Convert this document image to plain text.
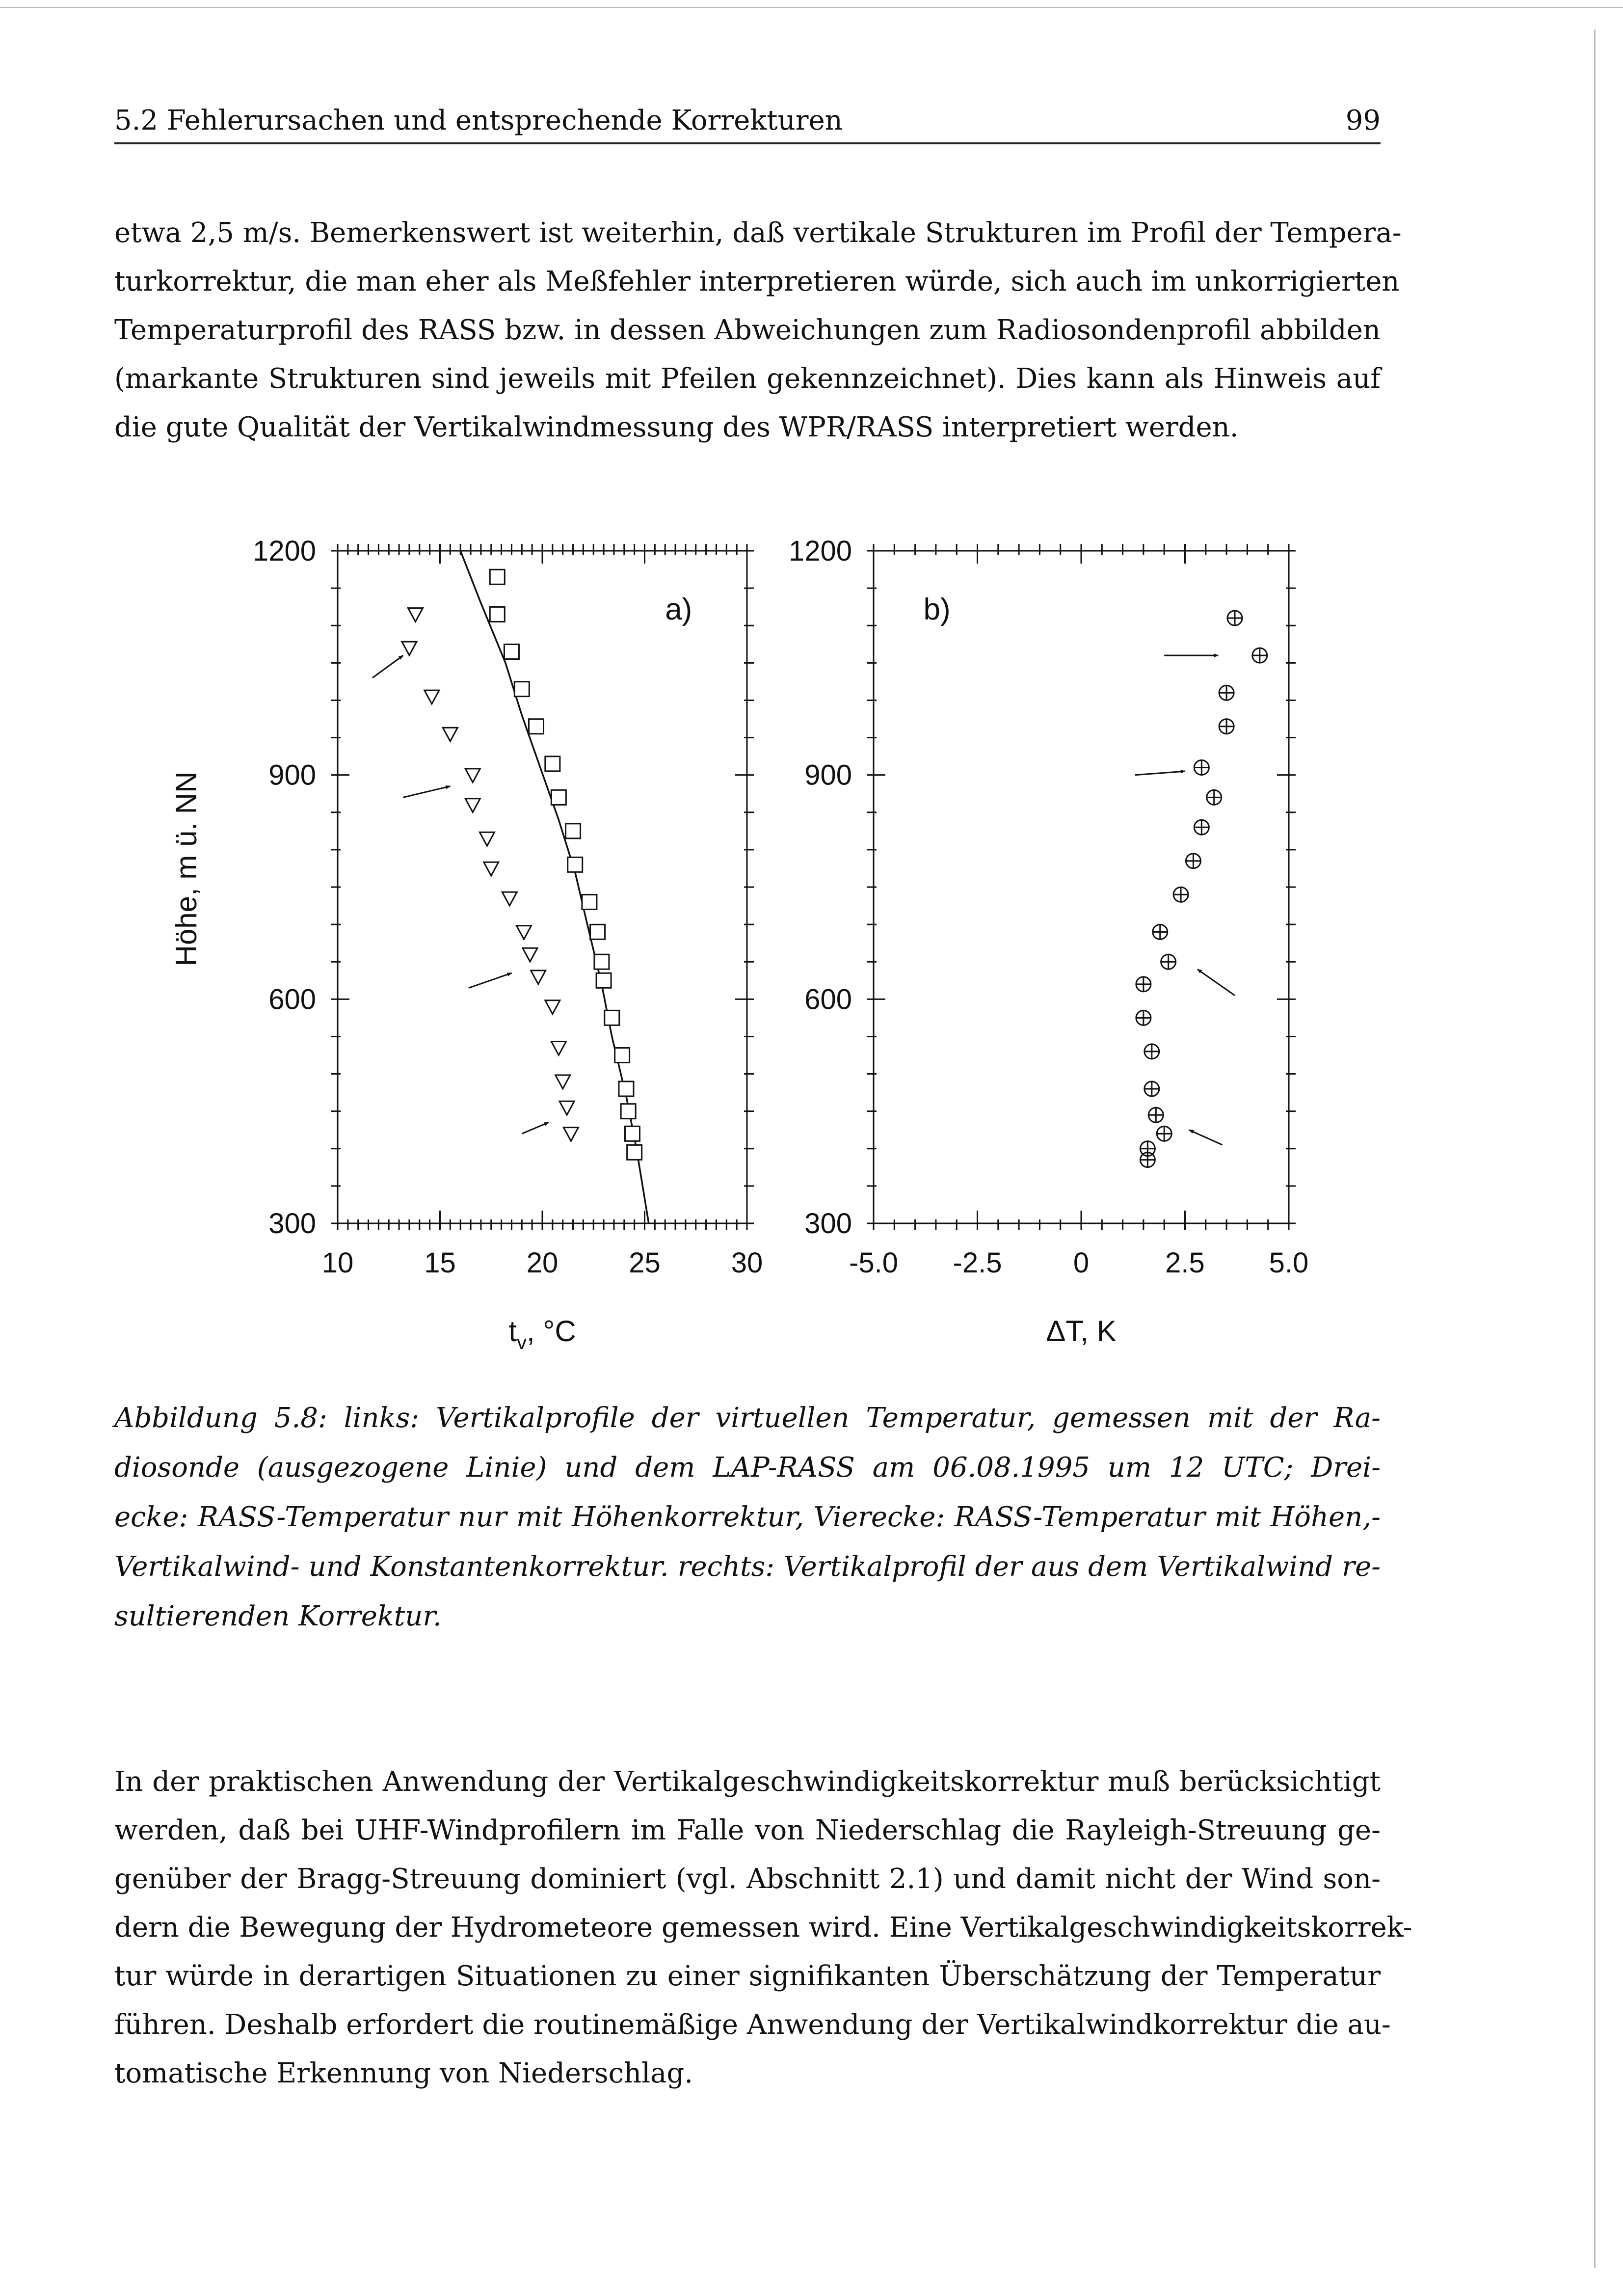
5.2 Fehlerursachen und entsprechende Korrekturen	99
etwa 2,5 m/s. Bemerkenswert ist weiterhin, daß vertikale Strukturen im Profil der Tempera-
turkorrektur, die man eher als Meßfehler interpretieren würde, sich auch im unkorrigierten
Temperaturprofil des RASS bzw. in dessen Abweichungen zum Radiosondenprofil abbilden
(markante Strukturen sind jeweils mit Pfeilen gekennzeichnet). Dies kann als Hinweis auf
die gute Qualität der Vertikalwindmessung des WPR/RASS interpretiert werden.
Höhe, m ü. NN
10 15 20 25 30
300
600
900
1200
a)
$t_v$, °C
-5.0 -2.5	0	2.5 5.0
300
600
900
1200
b)
ΔT, K
Abbildung 5.8: links: Vertikalprofile der virtuellen Temperatur, gemessen mit der Ra-
diosonde (ausgezogene Linie) und dem LAP-RASS am 06.08.1995 um 12 UTC; Drei-
ecke: RASS-Temperatur nur mit Höhenkorrektur, Vierecke: RASS-Temperatur mit Höhen,-
Vertikalwind- und Konstantenkorrektur. rechts: Vertikalprofil der aus dem Vertikalwind re-
sultierenden Korrektur.
In der praktischen Anwendung der Vertikalgeschwindigkeitskorrektur muß berücksichtigt
werden, daß bei UHF-Windprofilern im Falle von Niederschlag die Rayleigh-Streuung ge-
genüber der Bragg-Streuung dominiert (vgl. Abschnitt 2.1) und damit nicht der Wind son-
dern die Bewegung der Hydrometeore gemessen wird. Eine Vertikalgeschwindigkeitskorrek-
tur würde in derartigen Situationen zu einer signifikanten Überschätzung der Temperatur
führen. Deshalb erfordert die routinemäßige Anwendung der Vertikalwindkorrektur die au-
tomatische Erkennung von Niederschlag.
